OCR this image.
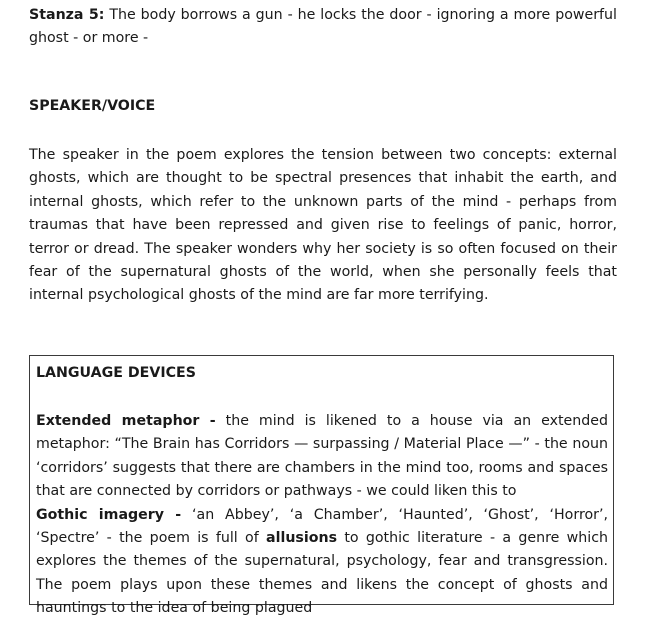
Stanza 5: The body borrows a gun - he locks the door - ignoring a more powerful ghost - or more -

SPEAKER/VOICE

The speaker in the poem explores the tension between two concepts: external ghosts, which are thought to be spectral presences that inhabit the earth, and internal ghosts, which refer to the unknown parts of the mind - perhaps from traumas that have been repressed and given rise to feelings of panic, horror, terror or dread. The speaker wonders why her society is so often focused on their fear of the supernatural ghosts of the world, when she personally feels that internal psychological ghosts of the mind are far more terrifying.

LANGUAGE DEVICES

Extended metaphor - the mind is likened to a house via an extended metaphor: “The Brain has Corridors — surpassing / Material Place —” - the noun ‘corridors’ suggests that there are chambers in the mind too, rooms and spaces that are connected by corridors or pathways - we could liken this to
Gothic imagery - ‘an Abbey’, ‘a Chamber’, ‘Haunted’, ‘Ghost’, ‘Horror’, ‘Spectre’ - the poem is full of allusions to gothic literature - a genre which explores the themes of the supernatural, psychology, fear and transgression. The poem plays upon these themes and likens the concept of ghosts and hauntings to the idea of being plagued
